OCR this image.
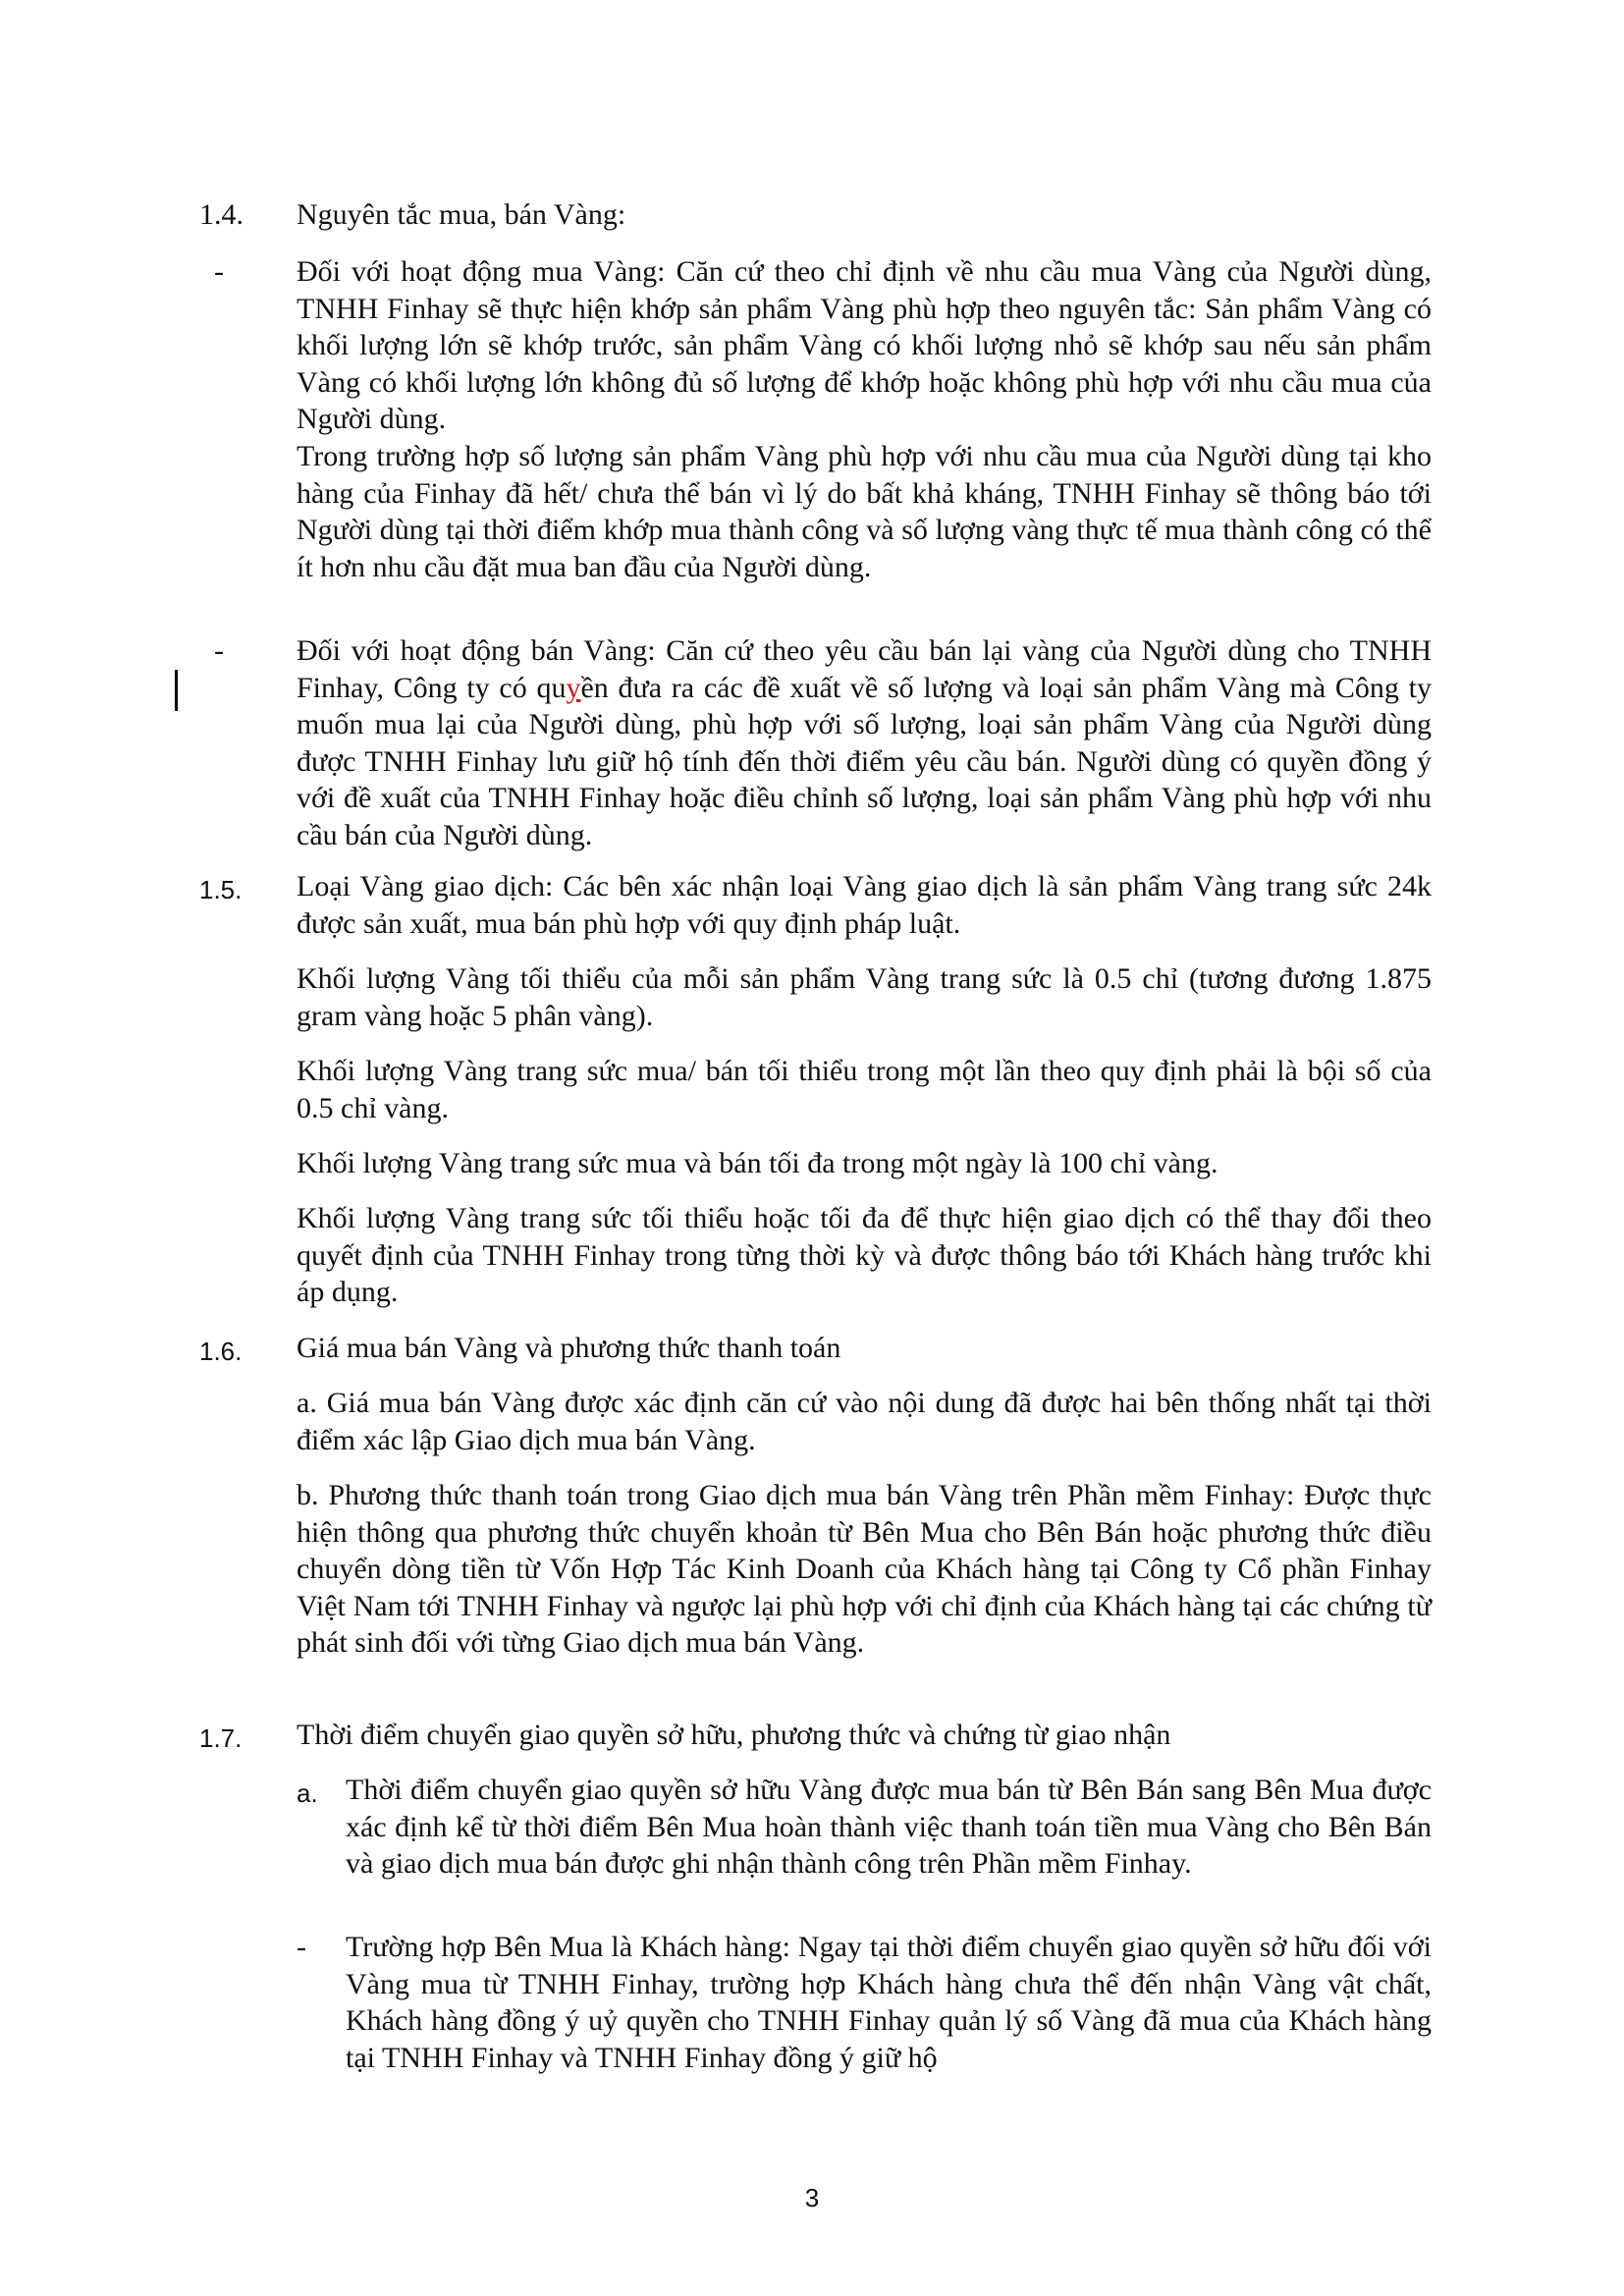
1.4. Nguyên tắc mua, bán Vàng:
- Đối với hoạt động mua Vàng: Căn cứ theo chỉ định về nhu cầu mua Vàng của Người dùng, TNHH Finhay sẽ thực hiện khớp sản phẩm Vàng phù hợp theo nguyên tắc: Sản phẩm Vàng có khối lượng lớn sẽ khớp trước, sản phẩm Vàng có khối lượng nhỏ sẽ khớp sau nếu sản phẩm Vàng có khối lượng lớn không đủ số lượng để khớp hoặc không phù hợp với nhu cầu mua của Người dùng.

Trong trường hợp số lượng sản phẩm Vàng phù hợp với nhu cầu mua của Người dùng tại kho hàng của Finhay đã hết/ chưa thể bán vì lý do bất khả kháng, TNHH Finhay sẽ thông báo tới Người dùng tại thời điểm khớp mua thành công và số lượng vàng thực tế mua thành công có thể ít hơn nhu cầu đặt mua ban đầu của Người dùng.

- Đối với hoạt động bán Vàng: Căn cứ theo yêu cầu bán lại vàng của Người dùng cho TNHH Finhay, Công ty có quyền đưa ra các đề xuất về số lượng và loại sản phẩm Vàng mà Công ty muốn mua lại của Người dùng, phù hợp với số lượng, loại sản phẩm Vàng của Người dùng được TNHH Finhay lưu giữ hộ tính đến thời điểm yêu cầu bán. Người dùng có quyền đồng ý với đề xuất của TNHH Finhay hoặc điều chỉnh số lượng, loại sản phẩm Vàng phù hợp với nhu cầu bán của Người dùng.

1.5. Loại Vàng giao dịch: Các bên xác nhận loại Vàng giao dịch là sản phẩm Vàng trang sức 24k được sản xuất, mua bán phù hợp với quy định pháp luật.

Khối lượng Vàng tối thiểu của mỗi sản phẩm Vàng trang sức là 0.5 chỉ (tương đương 1.875 gram vàng hoặc 5 phân vàng).

Khối lượng Vàng trang sức mua/ bán tối thiểu trong một lần theo quy định phải là bội số của 0.5 chỉ vàng.

Khối lượng Vàng trang sức mua và bán tối đa trong một ngày là 100 chỉ vàng.

Khối lượng Vàng trang sức tối thiểu hoặc tối đa để thực hiện giao dịch có thể thay đổi theo quyết định của TNHH Finhay trong từng thời kỳ và được thông báo tới Khách hàng trước khi áp dụng.

1.6. Giá mua bán Vàng và phương thức thanh toán

a. Giá mua bán Vàng được xác định căn cứ vào nội dung đã được hai bên thống nhất tại thời điểm xác lập Giao dịch mua bán Vàng.

b. Phương thức thanh toán trong Giao dịch mua bán Vàng trên Phần mềm Finhay: Được thực hiện thông qua phương thức chuyển khoản từ Bên Mua cho Bên Bán hoặc phương thức điều chuyển dòng tiền từ Vốn Hợp Tác Kinh Doanh của Khách hàng tại Công ty Cổ phần Finhay Việt Nam tới TNHH Finhay và ngược lại phù hợp với chỉ định của Khách hàng tại các chứng từ phát sinh đối với từng Giao dịch mua bán Vàng.

1.7. Thời điểm chuyển giao quyền sở hữu, phương thức và chứng từ giao nhận
a. Thời điểm chuyển giao quyền sở hữu Vàng được mua bán từ Bên Bán sang Bên Mua được xác định kể từ thời điểm Bên Mua hoàn thành việc thanh toán tiền mua Vàng cho Bên Bán và giao dịch mua bán được ghi nhận thành công trên Phần mềm Finhay.

- Trường hợp Bên Mua là Khách hàng: Ngay tại thời điểm chuyển giao quyền sở hữu đối với Vàng mua từ TNHH Finhay, trường hợp Khách hàng chưa thể đến nhận Vàng vật chất, Khách hàng đồng ý uỷ quyền cho TNHH Finhay quản lý số Vàng đã mua của Khách hàng tại TNHH Finhay và TNHH Finhay đồng ý giữ hộ

3
